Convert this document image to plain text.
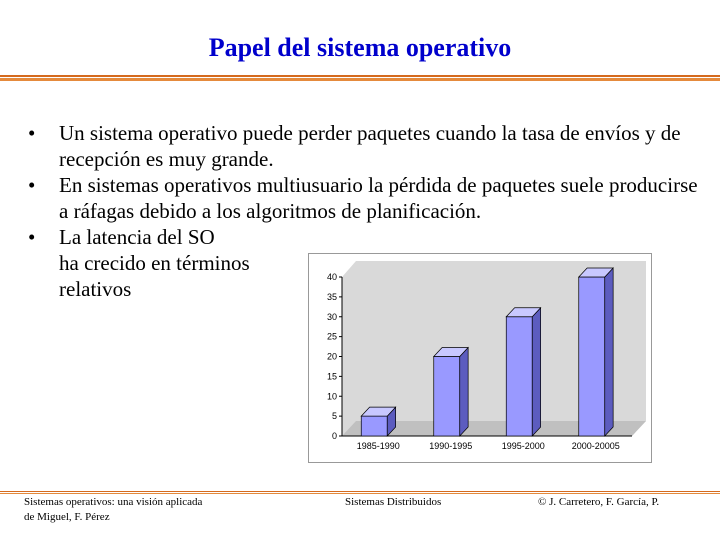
Papel del sistema operativo
• Un sistema operativo puede perder paquetes cuando la tasa de envíos y de recepción es muy grande.
• En sistemas operativos multiusuario la pérdida de paquetes suele producirse a ráfagas debido a los algoritmos de planificación.
• La latencia del SO
ha crecido en términos
relativos
0
5
10
15
20
25
30
35
40
1985-1990	1990-1995	1995-2000	2000-20005
Sistemas operativos: una visión aplicada
de Miguel, F. Pérez
Sistemas Distribuidos	© J. Carretero, F. García, P.
